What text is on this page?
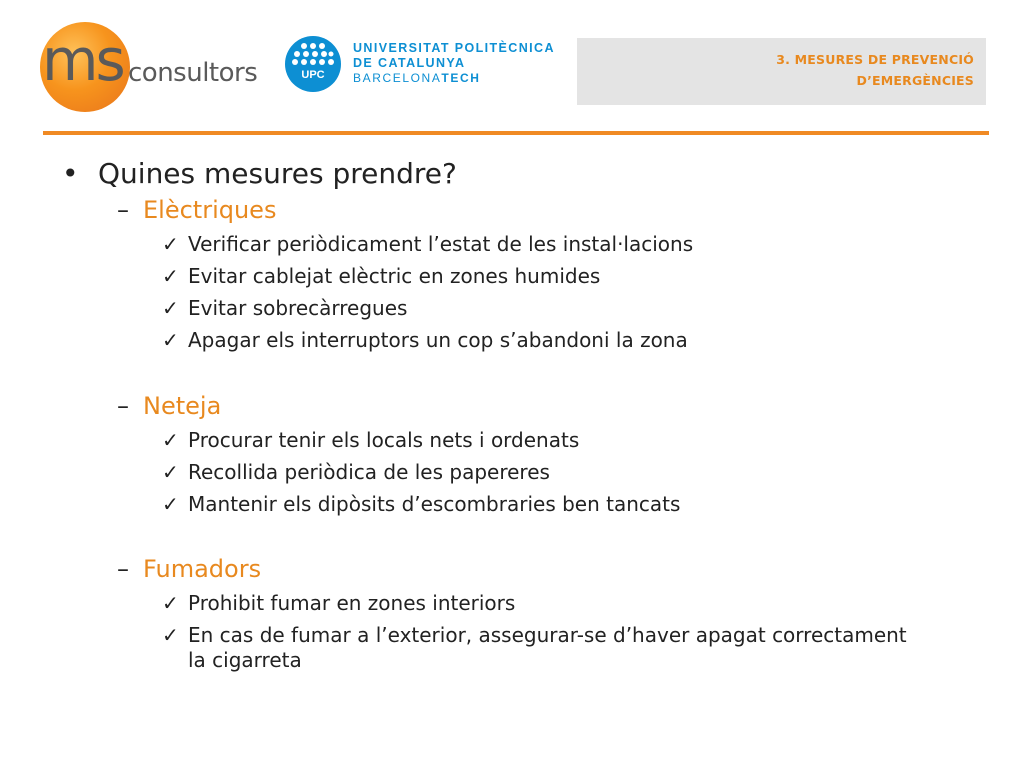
ms consultors	UPC
UNIVERSITAT POLITÈCNICA
DE CATALUNYA
BARCELONATECH
3. MESURES DE PREVENCIÓ
D’EMERGÈNCIES
• Quines mesures prendre?
– Elèctriques
✓ Verificar periòdicament l’estat de les instal·lacions
✓ Evitar cablejat elèctric en zones humides
✓ Evitar sobrecàrregues
✓ Apagar els interruptors un cop s’abandoni la zona
– Neteja
✓ Procurar tenir els locals nets i ordenats
✓ Recollida periòdica de les papereres
✓ Mantenir els dipòsits d’escombraries ben tancats
– Fumadors
✓ Prohibit fumar en zones interiors
✓ En cas de fumar a l’exterior, assegurar-se d’haver apagat correctament la cigarreta
